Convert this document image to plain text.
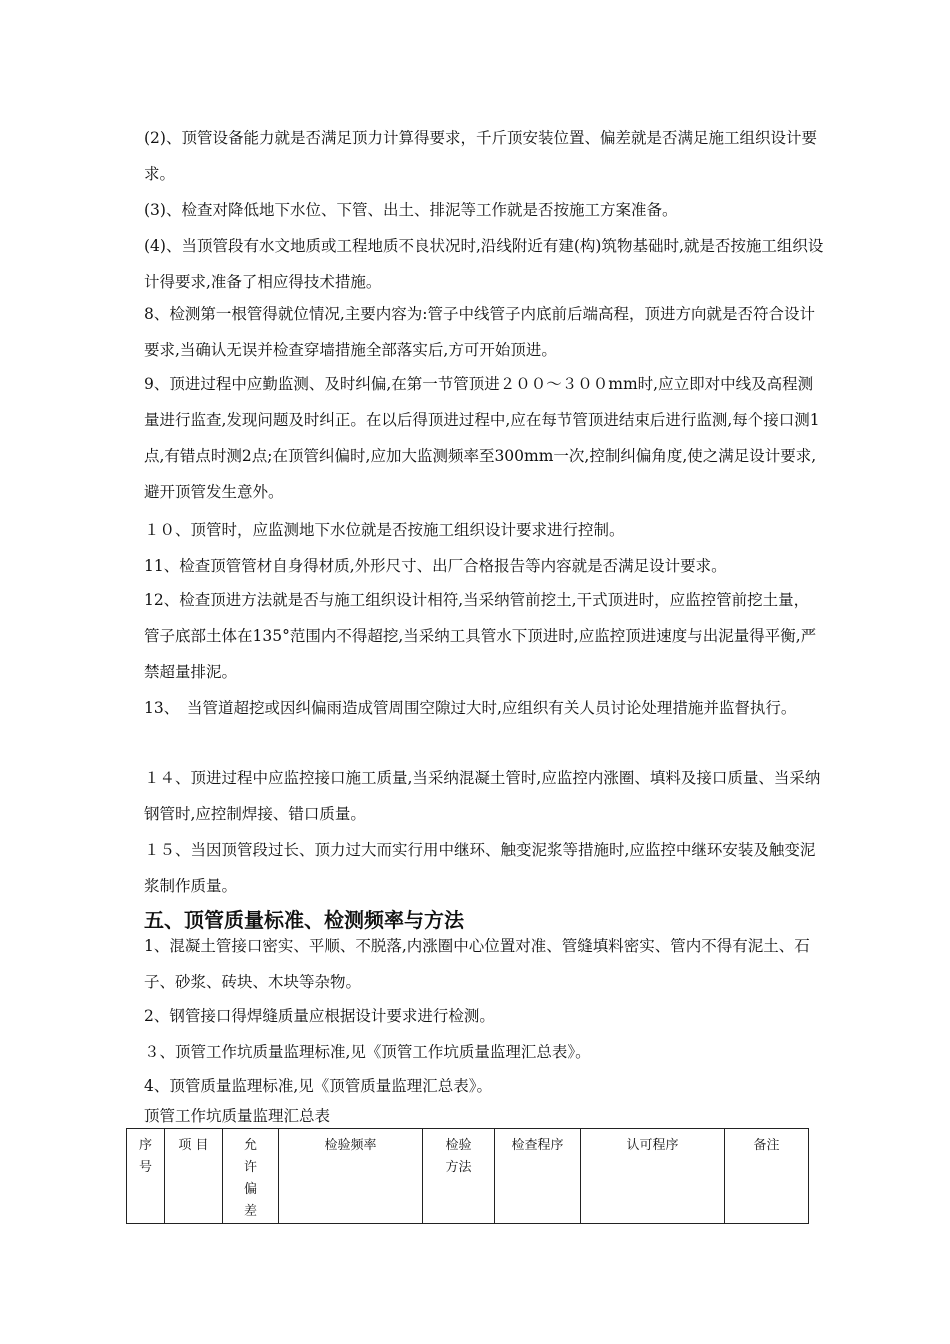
(2)、顶管设备能力就是否满足顶力计算得要求，千斤顶安装位置、偏差就是否满足施工组织设计要求。

(3)、检查对降低地下水位、下管、出土、排泥等工作就是否按施工方案准备。

(4)、当顶管段有水文地质或工程地质不良状况时,沿线附近有建(构)筑物基础时,就是否按施工组织设计得要求,准备了相应得技术措施。

8、检测第一根管得就位情况,主要内容为:管子中线管子内底前后端高程，顶进方向就是否符合设计要求,当确认无误并检查穿墙措施全部落实后,方可开始顶进。

9、顶进过程中应勤监测、及时纠偏,在第一节管顶进２００～３００mm时,应立即对中线及高程测量进行监查,发现问题及时纠正。在以后得顶进过程中,应在每节管顶进结束后进行监测,每个接口测1点,有错点时测2点;在顶管纠偏时,应加大监测频率至300mm一次,控制纠偏角度,使之满足设计要求,避开顶管发生意外。

１０、顶管时，应监测地下水位就是否按施工组织设计要求进行控制。

11、检查顶管管材自身得材质,外形尺寸、出厂合格报告等内容就是否满足设计要求。

12、检查顶进方法就是否与施工组织设计相符,当采纳管前挖土,干式顶进时，应监控管前挖土量，管子底部土体在135°范围内不得超挖,当采纳工具管水下顶进时,应监控顶进速度与出泥量得平衡,严禁超量排泥。

13、　当管道超挖或因纠偏雨造成管周围空隙过大时,应组织有关人员讨论处理措施并监督执行。

１４、顶进过程中应监控接口施工质量,当采纳混凝土管时,应监控内涨圈、填料及接口质量、当采纳钢管时,应控制焊接、错口质量。

１５、当因顶管段过长、顶力过大而实行用中继环、触变泥浆等措施时,应监控中继环安装及触变泥浆制作质量。

五、顶管质量标准、检测频率与方法

1、混凝土管接口密实、平顺、不脱落,内涨圈中心位置对准、管缝填料密实、管内不得有泥土、石子、砂浆、砖块、木块等杂物。

2、钢管接口得焊缝质量应根据设计要求进行检测。

３、顶管工作坑质量监理标准,见《顶管工作坑质量监理汇总表》。

4、顶管质量监理标准,见《顶管质量监理汇总表》。

顶管工作坑质量监理汇总表
序号	项 目	允许偏差	检验频率	检验方法	检查程序	认可程序	备注
